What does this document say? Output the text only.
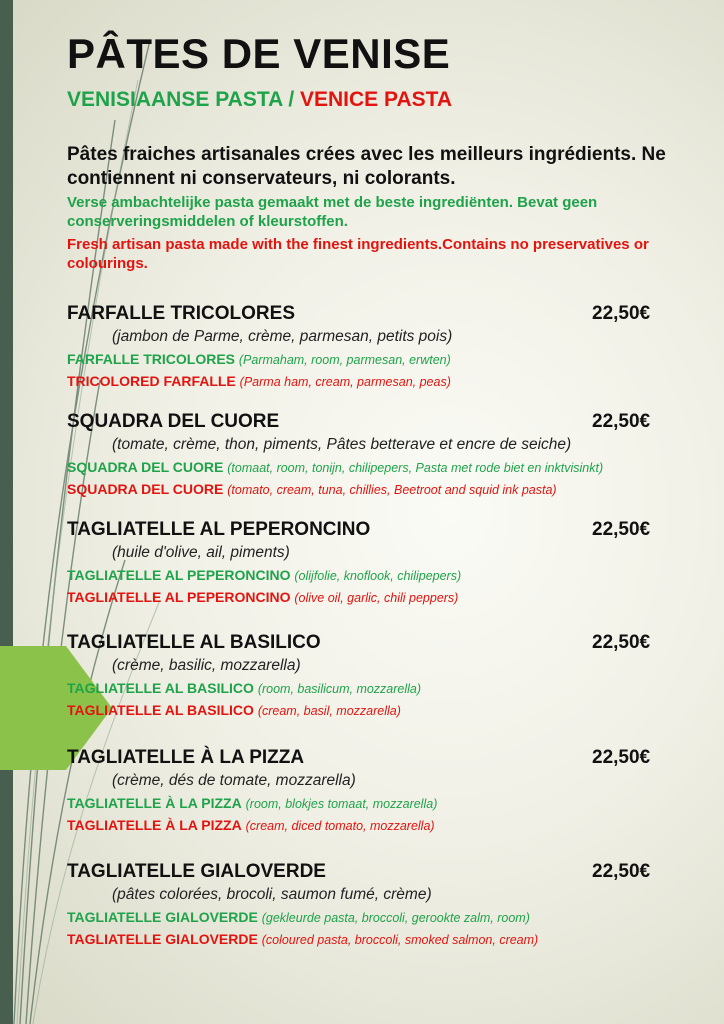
PÂTES DE VENISE
VENISIAANSE PASTA / VENICE PASTA
Pâtes fraiches artisanales crées avec les meilleurs ingrédients. Ne contiennent ni conservateurs, ni colorants.
Verse ambachtelijke pasta gemaakt met de beste ingrediënten. Bevat geen conserveringsmiddelen of kleurstoffen.
Fresh artisan pasta made with the finest ingredients.Contains no preservatives or colourings.
FARFALLE TRICOLORES	22,50€
(jambon de Parme, crème, parmesan, petits pois)
FARFALLE TRICOLORES (Parmaham, room, parmesan, erwten)
TRICOLORED FARFALLE (Parma ham, cream, parmesan, peas)
SQUADRA DEL CUORE	22,50€
(tomate, crème, thon, piments, Pâtes betterave et encre de seiche)
SQUADRA DEL CUORE (tomaat, room, tonijn, chilipepers, Pasta met rode biet en inktvisinkt)
SQUADRA DEL CUORE (tomato, cream, tuna, chillies, Beetroot and squid ink pasta)
TAGLIATELLE AL PEPERONCINO	22,50€
(huile d'olive, ail, piments)
TAGLIATELLE AL PEPERONCINO (olijfolie, knoflook, chilipepers)
TAGLIATELLE AL PEPERONCINO (olive oil, garlic, chili peppers)
TAGLIATELLE AL BASILICO	22,50€
(crème, basilic, mozzarella)
TAGLIATELLE AL BASILICO (room, basilicum, mozzarella)
TAGLIATELLE AL BASILICO (cream, basil, mozzarella)
TAGLIATELLE À LA PIZZA	22,50€
(crème, dés de tomate, mozzarella)
TAGLIATELLE À LA PIZZA (room, blokjes tomaat, mozzarella)
TAGLIATELLE À LA PIZZA (cream, diced tomato, mozzarella)
TAGLIATELLE GIALOVERDE	22,50€
(pâtes colorées, brocoli, saumon fumé, crème)
TAGLIATELLE GIALOVERDE (gekleurde pasta, broccoli, gerookte zalm, room)
TAGLIATELLE GIALOVERDE (coloured pasta, broccoli, smoked salmon, cream)
